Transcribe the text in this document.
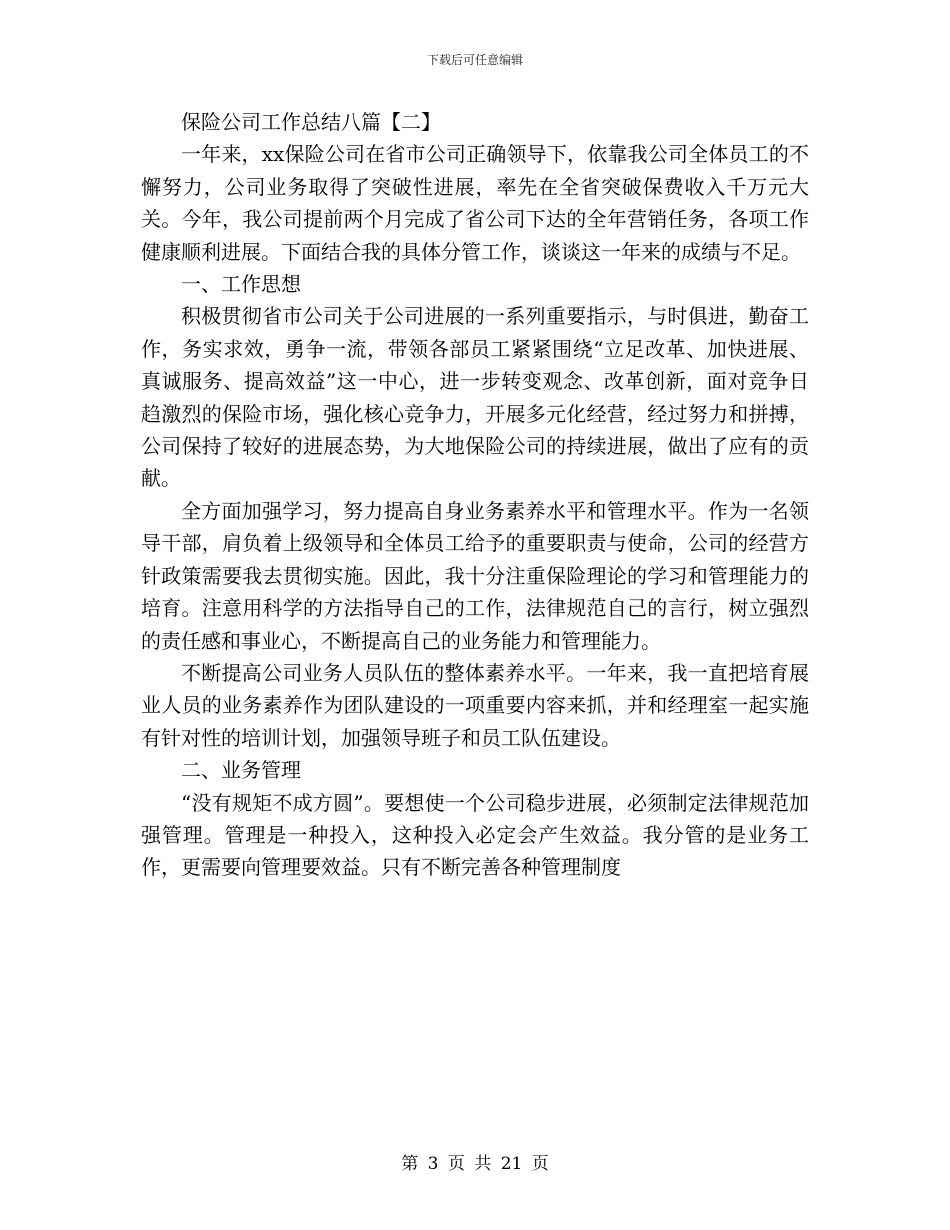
下载后可任意编辑

保险公司工作总结八篇【二】

一年来，xx保险公司在省市公司正确领导下，依靠我公司全体员工的不懈努力，公司业务取得了突破性进展，率先在全省突破保费收入千万元大关。今年，我公司提前两个月完成了省公司下达的全年营销任务，各项工作健康顺利进展。下面结合我的具体分管工作，谈谈这一年来的成绩与不足。

一、工作思想

积极贯彻省市公司关于公司进展的一系列重要指示，与时俱进，勤奋工作，务实求效，勇争一流，带领各部员工紧紧围绕“立足改革、加快进展、真诚服务、提高效益”这一中心，进一步转变观念、改革创新，面对竞争日趋激烈的保险市场，强化核心竞争力，开展多元化经营，经过努力和拼搏，公司保持了较好的进展态势，为大地保险公司的持续进展，做出了应有的贡献。

全方面加强学习，努力提高自身业务素养水平和管理水平。作为一名领导干部，肩负着上级领导和全体员工给予的重要职责与使命，公司的经营方针政策需要我去贯彻实施。因此，我十分注重保险理论的学习和管理能力的培育。注意用科学的方法指导自己的工作，法律规范自己的言行，树立强烈的责任感和事业心，不断提高自己的业务能力和管理能力。

不断提高公司业务人员队伍的整体素养水平。一年来，我一直把培育展业人员的业务素养作为团队建设的一项重要内容来抓，并和经理室一起实施有针对性的培训计划，加强领导班子和员工队伍建设。

二、业务管理

“没有规矩不成方圆”。要想使一个公司稳步进展，必须制定法律规范加强管理。管理是一种投入，这种投入必定会产生效益。我分管的是业务工作，更需要向管理要效益。只有不断完善各种管理制度

第 3 页 共 21 页
